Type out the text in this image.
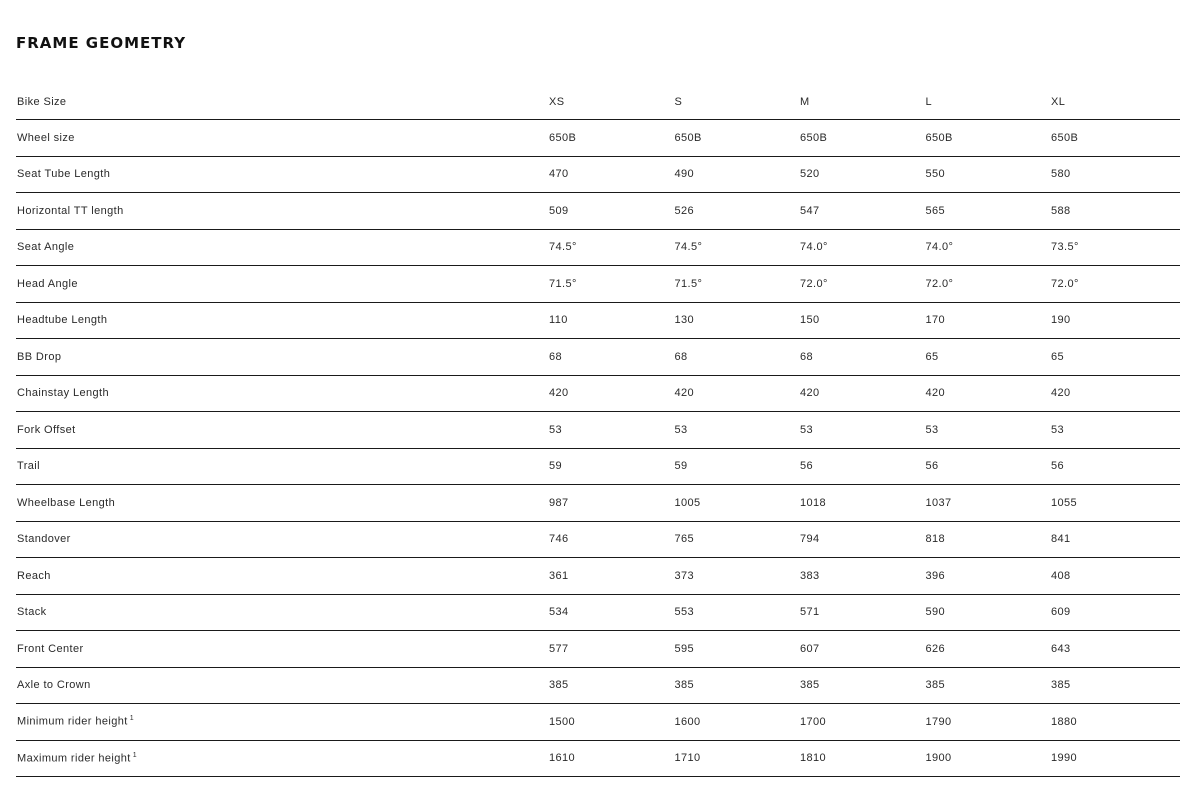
FRAME GEOMETRY
Bike Size	XS	S	M	L	XL
Wheel size	650B	650B	650B	650B	650B
Seat Tube Length	470	490	520	550	580
Horizontal TT length	509	526	547	565	588
Seat Angle	74.5°	74.5°	74.0°	74.0°	73.5°
Head Angle	71.5°	71.5°	72.0°	72.0°	72.0°
Headtube Length	110	130	150	170	190
BB Drop	68	68	68	65	65
Chainstay Length	420	420	420	420	420
Fork Offset	53	53	53	53	53
Trail	59	59	56	56	56
Wheelbase Length	987	1005	1018	1037	1055
Standover	746	765	794	818	841
Reach	361	373	383	396	408
Stack	534	553	571	590	609
Front Center	577	595	607	626	643
Axle to Crown	385	385	385	385	385
Minimum rider height $^1$	1500	1600	1700	1790	1880
Maximum rider height $^1$	1610	1710	1810	1900	1990
